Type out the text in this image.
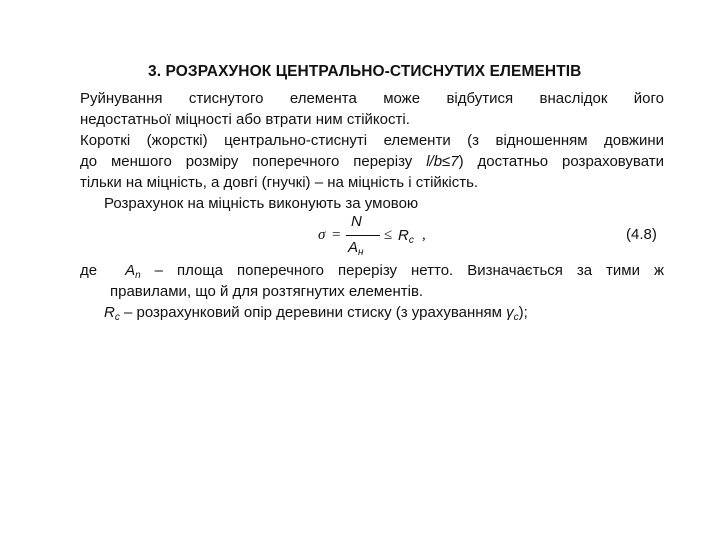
3. РОЗРАХУНОК ЦЕНТРАЛЬНО-СТИСНУТИХ ЕЛЕМЕНТІВ
Руйнування стиснутого елемента може відбутися внаслідок його
недостатньої міцності або втрати ним стійкості.
Короткі (жорсткі) центрально-стиснуті елементи (з відношенням довжини
до меншого розміру поперечного перерізу l/b≤7) достатньо розраховувати
тільки на міцність, а довгі (гнучкі) – на міцність і стійкість.
Розрахунок на міцність виконують за умовою
σ =
N
$A_н$
≤ $R_c$ ,	(4.8)
де $A_n$ – площа поперечного перерізу нетто. Визначається за тими ж
правилами, що й для розтягнутих елементів.
$R_c$ – розрахунковий опір деревини стиску (з урахуванням $\gamma_c$);
